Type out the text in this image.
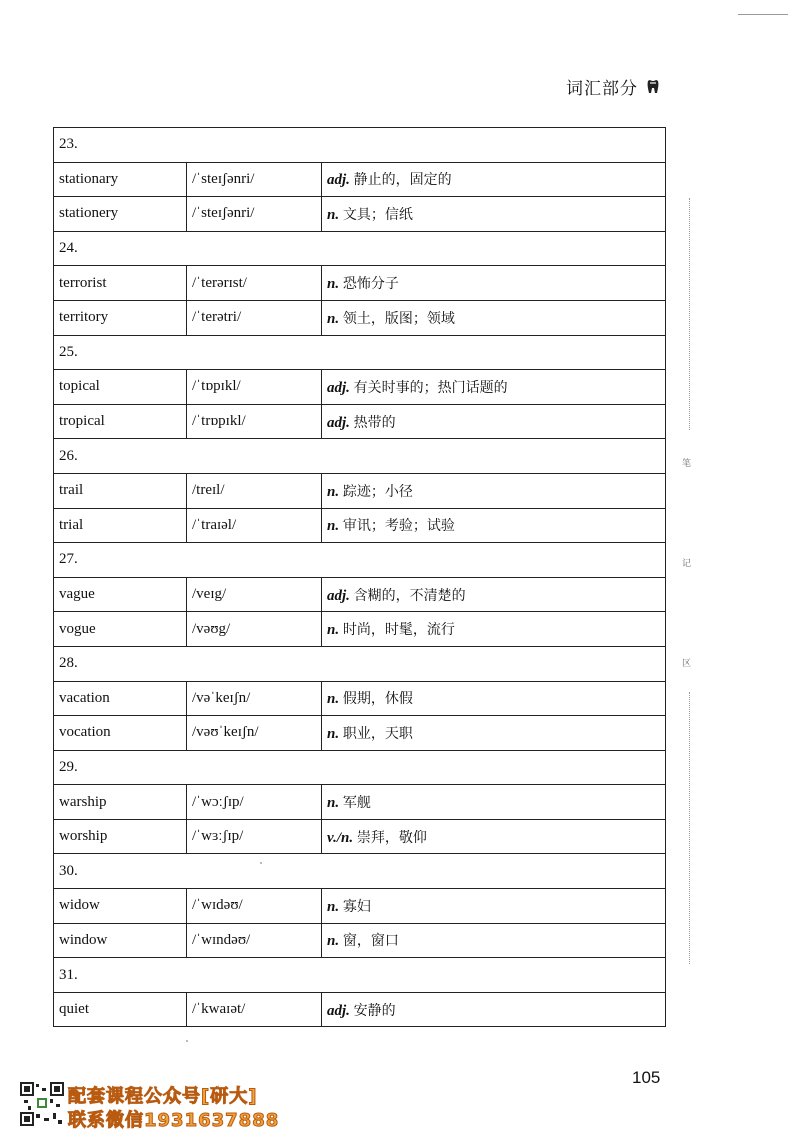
词汇部分
23.		
stationary	/ˈsteɪʃənri/	adj. 静止的，固定的
stationery	/ˈsteɪʃənri/	n. 文具；信纸
24.		
terrorist	/ˈterərɪst/	n. 恐怖分子
territory	/ˈterətri/	n. 领土，版图；领域
25.		
topical	/ˈtɒpɪkl/	adj. 有关时事的；热门话题的
tropical	/ˈtrɒpɪkl/	adj. 热带的
26.		
trail	/treɪl/	n. 踪迹；小径
trial	/ˈtraɪəl/	n. 审讯；考验；试验
27.		
vague	/veɪg/	adj. 含糊的，不清楚的
vogue	/vəʊg/	n. 时尚，时髦，流行
28.		
vacation	/vəˈkeɪʃn/	n. 假期，休假
vocation	/vəʊˈkeɪʃn/	n. 职业，天职
29.		
warship	/ˈwɔːʃɪp/	n. 军舰
worship	/ˈwɜːʃɪp/	v./n. 崇拜，敬仰
30.		
widow	/ˈwɪdəʊ/	n. 寡妇
window	/ˈwɪndəʊ/	n. 窗，窗口
31.		
quiet	/ˈkwaɪət/	adj. 安静的
笔
记
区
105
配套课程公众号[研大]
联系微信1931637888
